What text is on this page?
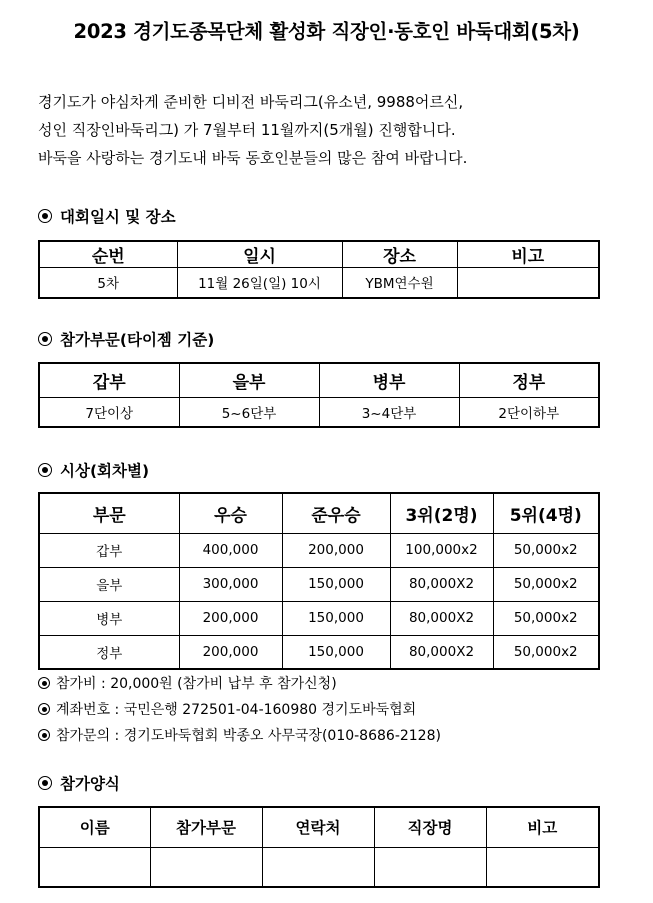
2023 경기도종목단체 활성화 직장인·동호인 바둑대회(5차)
경기도가 야심차게 준비한 디비전 바둑리그(유소년, 9988어르신,
성인 직장인바둑리그) 가 7월부터 11월까지(5개월) 진행합니다.
바둑을 사랑하는 경기도내 바둑 동호인분들의 많은 참여 바랍니다.
대회일시 및 장소
순번	일시	장소	비고
5차	11월 26일(일) 10시	YBM연수원	
참가부문(타이젬 기준)
갑부	을부	병부	정부
7단이상	5~6단부	3~4단부	2단이하부
시상(회차별)
부문	우승	준우승	3위(2명)	5위(4명)
갑부	400,000	200,000	100,000x2	50,000x2
을부	300,000	150,000	80,000X2	50,000x2
병부	200,000	150,000	80,000X2	50,000x2
정부	200,000	150,000	80,000X2	50,000x2
참가비 : 20,000원 (참가비 납부 후 참가신청)
계좌번호 : 국민은행 272501-04-160980 경기도바둑협회
참가문의 : 경기도바둑협회 박종오 사무국장(010-8686-2128)
참가양식
이름	참가부문	연락처	직장명	비고
